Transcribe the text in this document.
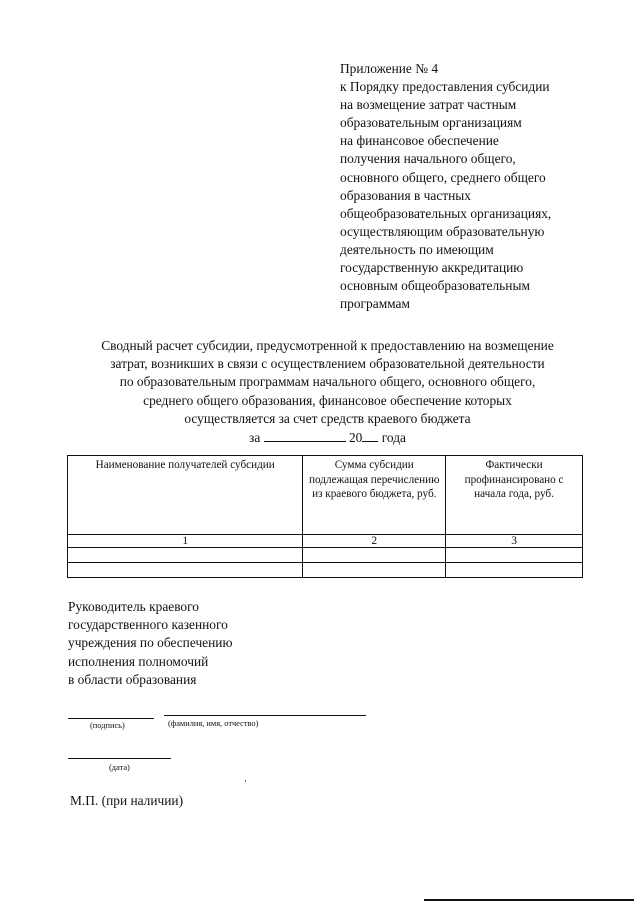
Приложение № 4
к Порядку предоставления субсидии
на возмещение затрат частным
образовательным организациям
на финансовое обеспечение
получения начального общего,
основного общего, среднего общего
образования в частных
общеобразовательных организациях,
осуществляющим образовательную
деятельность по имеющим
государственную аккредитацию
основным общеобразовательным
программам
Сводный расчет субсидии, предусмотренной к предоставлению на возмещение
затрат, возникших в связи с осуществлением образовательной деятельности
по образовательным программам начального общего, основного общего,
среднего общего образования, финансовое обеспечение которых
осуществляется за счет средств краевого бюджета
за	20 года
Наименование получателей субсидии	Сумма субсидии подлежащая перечислению из краевого бюджета, руб.	Фактически профинансировано с начала года, руб.
1	2	3

Руководитель краевого
государственного казенного
учреждения по обеспечению
исполнения полномочий
в области образования
(подпись)	(фамилия, имя, отчество)
(дата)
М.П. (при наличии)
